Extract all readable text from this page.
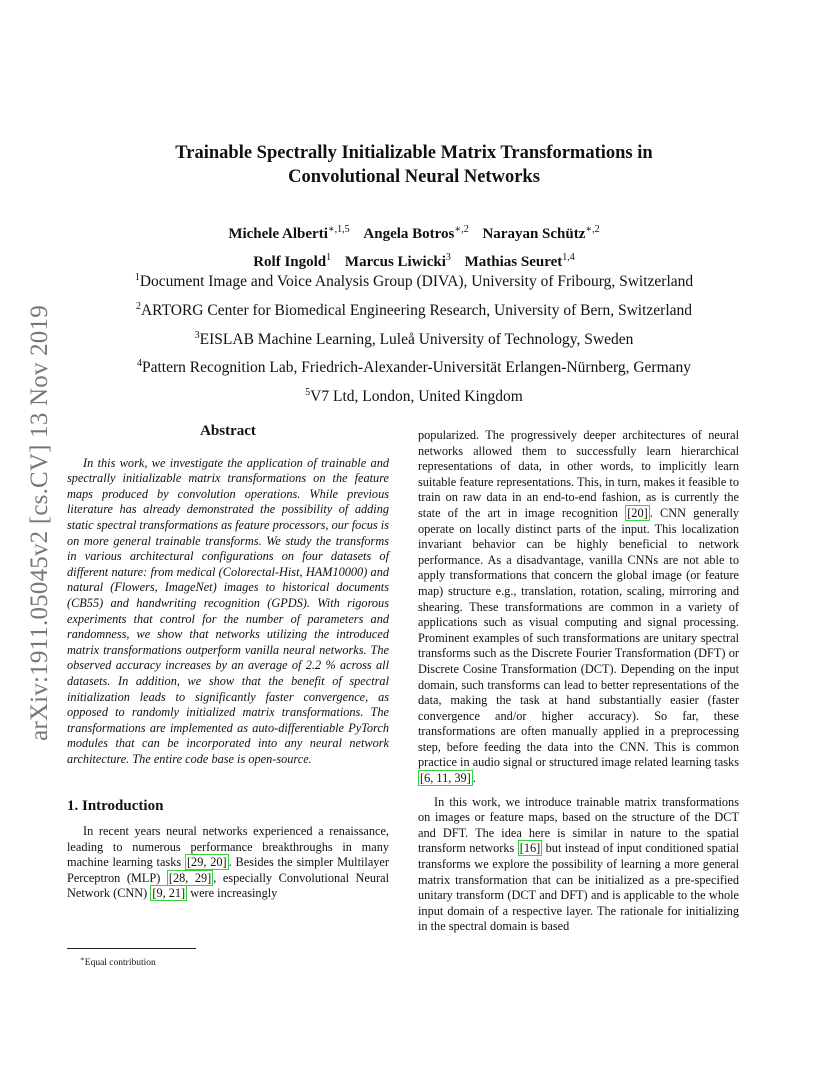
arXiv:1911.05045v2 [cs.CV] 13 Nov 2019
Trainable Spectrally Initializable Matrix Transformations in
Convolutional Neural Networks
Michele Alberti$^{∗,1,5}$ Angela Botros$^{∗,2}$ Narayan Schütz$^{∗,2}$
Rolf Ingold$^1$ Marcus Liwicki$^3$ Mathias Seuret$^{1,4}$
$^1$Document Image and Voice Analysis Group (DIVA), University of Fribourg, Switzerland
$^2$ARTORG Center for Biomedical Engineering Research, University of Bern, Switzerland
$^3$EISLAB Machine Learning, Luleå University of Technology, Sweden
$^4$Pattern Recognition Lab, Friedrich-Alexander-Universität Erlangen-Nürnberg, Germany
$^5$V7 Ltd, London, United Kingdom
Abstract

In this work, we investigate the application of trainable and spectrally initializable matrix transformations on the feature maps produced by convolution operations. While previous literature has already demonstrated the possibility of adding static spectral transformations as feature processors, our focus is on more general trainable transforms. We study the transforms in various architectural configurations on four datasets of different nature: from medical (Colorectal-Hist, HAM10000) and natural (Flowers, ImageNet) images to historical documents (CB55) and handwriting recognition (GPDS). With rigorous experiments that control for the number of parameters and randomness, we show that networks utilizing the introduced matrix transformations outperform vanilla neural networks. The observed accuracy increases by an average of 2.2 % across all datasets. In addition, we show that the benefit of spectral initialization leads to significantly faster convergence, as opposed to randomly initialized matrix transformations. The transformations are implemented as auto-differentiable PyTorch modules that can be incorporated into any neural network architecture. The entire code base is open-source.

1. Introduction

In recent years neural networks experienced a renaissance, leading to numerous performance breakthroughs in many machine learning tasks [29, 20] . Besides the simpler Multilayer Perceptron (MLP) [28, 29] , especially Convolutional Neural Network (CNN) [9, 21] were increasingly

∗Equal contribution

popularized. The progressively deeper architectures of neural networks allowed them to successfully learn hierarchical representations of data, in other words, to implicitly learn suitable feature representations. This, in turn, makes it feasible to train on raw data in an end-to-end fashion, as is currently the state of the art in image recognition [20] . CNN generally operate on locally distinct parts of the input. This localization invariant behavior can be highly beneficial to network performance. As a disadvantage, vanilla CNNs are not able to apply transformations that concern the global image (or feature map) structure e.g., translation, rotation, scaling, mirroring and shearing. These transformations are common in a variety of applications such as visual computing and signal processing. Prominent examples of such transformations are unitary spectral transforms such as the Discrete Fourier Transformation (DFT) or Discrete Cosine Transformation (DCT). Depending on the input domain, such transforms can lead to better representations of the data, making the task at hand substantially easier (faster convergence and/or higher accuracy). So far, these transformations are often manually applied in a preprocessing step, before feeding the data into the CNN. This is common practice in audio signal or structured image related learning tasks [6, 11, 39] .

In this work, we introduce trainable matrix transformations on images or feature maps, based on the structure of the DCT and DFT. The idea here is similar in nature to the spatial transform networks [16] but instead of input conditioned spatial transforms we explore the possibility of learning a more general matrix transformation that can be initialized as a pre-specified unitary transform (DCT and DFT) and is applicable to the whole input domain of a respective layer. The rationale for initializing in the spectral domain is based
